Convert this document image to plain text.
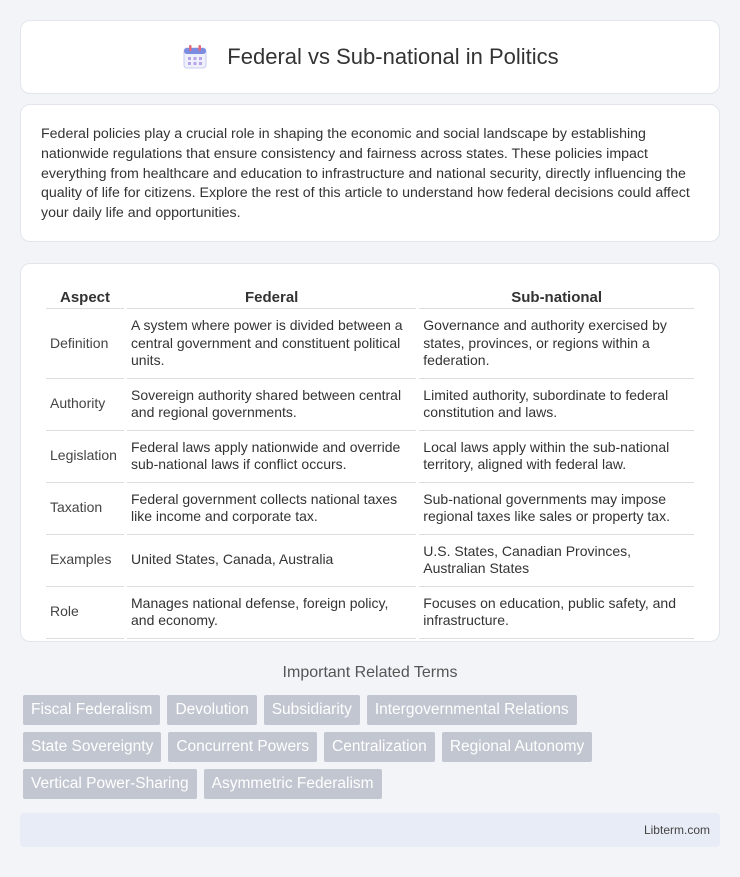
Federal vs Sub-national in Politics

Federal policies play a crucial role in shaping the economic and social landscape by establishing nationwide regulations that ensure consistency and fairness across states. These policies impact everything from healthcare and education to infrastructure and national security, directly influencing the quality of life for citizens. Explore the rest of this article to understand how federal decisions could affect your daily life and opportunities.

Aspect	Federal	Sub-national
Definition	A system where power is divided between a central government and constituent political units.	Governance and authority exercised by states, provinces, or regions within a federation.
Authority	Sovereign authority shared between central and regional governments.	Limited authority, subordinate to federal constitution and laws.
Legislation	Federal laws apply nationwide and override sub-national laws if conflict occurs.	Local laws apply within the sub-national territory, aligned with federal law.
Taxation	Federal government collects national taxes like income and corporate tax.	Sub-national governments may impose regional taxes like sales or property tax.
Examples	United States, Canada, Australia	U.S. States, Canadian Provinces, Australian States
Role	Manages national defense, foreign policy, and economy.	Focuses on education, public safety, and infrastructure.
Important Related Terms
Fiscal Federalism	Devolution	Subsidiarity	Intergovernmental Relations
State Sovereignty	Concurrent Powers	Centralization	Regional Autonomy
Vertical Power-Sharing	Asymmetric Federalism
Libterm.com
